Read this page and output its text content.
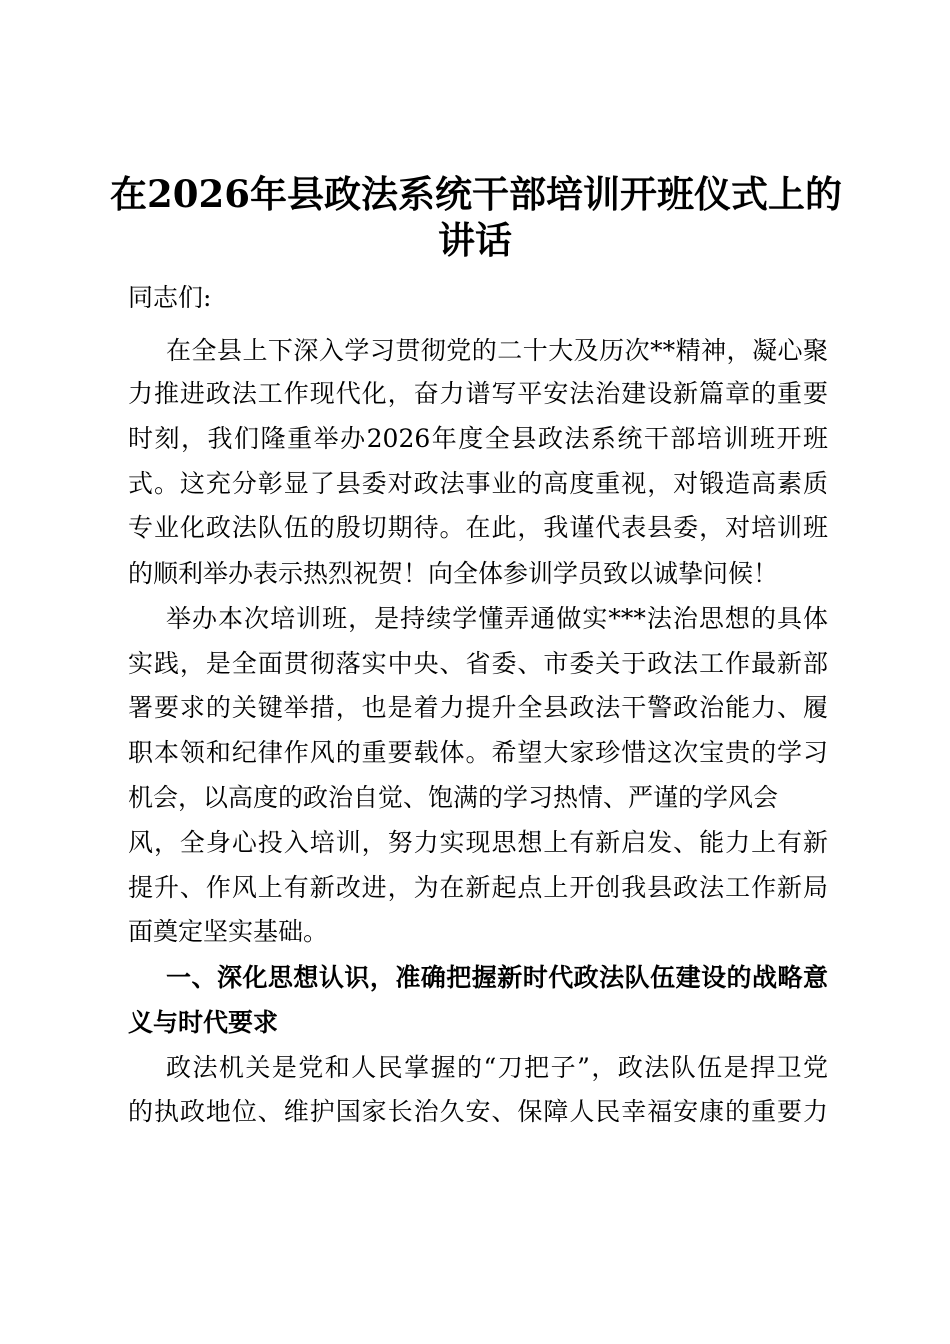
在2026年县政法系统干部培训开班仪式上的
讲话

同志们:

在全县上下深入学习贯彻党的二十大及历次**精神，凝心聚

力推进政法工作现代化，奋力谱写平安法治建设新篇章的重要

时刻，我们隆重举办2026年度全县政法系统干部培训班开班

式。这充分彰显了县委对政法事业的高度重视，对锻造高素质

专业化政法队伍的殷切期待。在此，我谨代表县委，对培训班

的顺利举办表示热烈祝贺！向全体参训学员致以诚挚问候！

举办本次培训班，是持续学懂弄通做实***法治思想的具体

实践，是全面贯彻落实中央、省委、市委关于政法工作最新部

署要求的关键举措，也是着力提升全县政法干警政治能力、履

职本领和纪律作风的重要载体。希望大家珍惜这次宝贵的学习

机会，以高度的政治自觉、饱满的学习热情、严谨的学风会

风，全身心投入培训，努力实现思想上有新启发、能力上有新

提升、作风上有新改进，为在新起点上开创我县政法工作新局

面奠定坚实基础。

一、深化思想认识，准确把握新时代政法队伍建设的战略意

义与时代要求

政法机关是党和人民掌握的“刀把子”，政法队伍是捍卫党

的执政地位、维护国家长治久安、保障人民幸福安康的重要力
